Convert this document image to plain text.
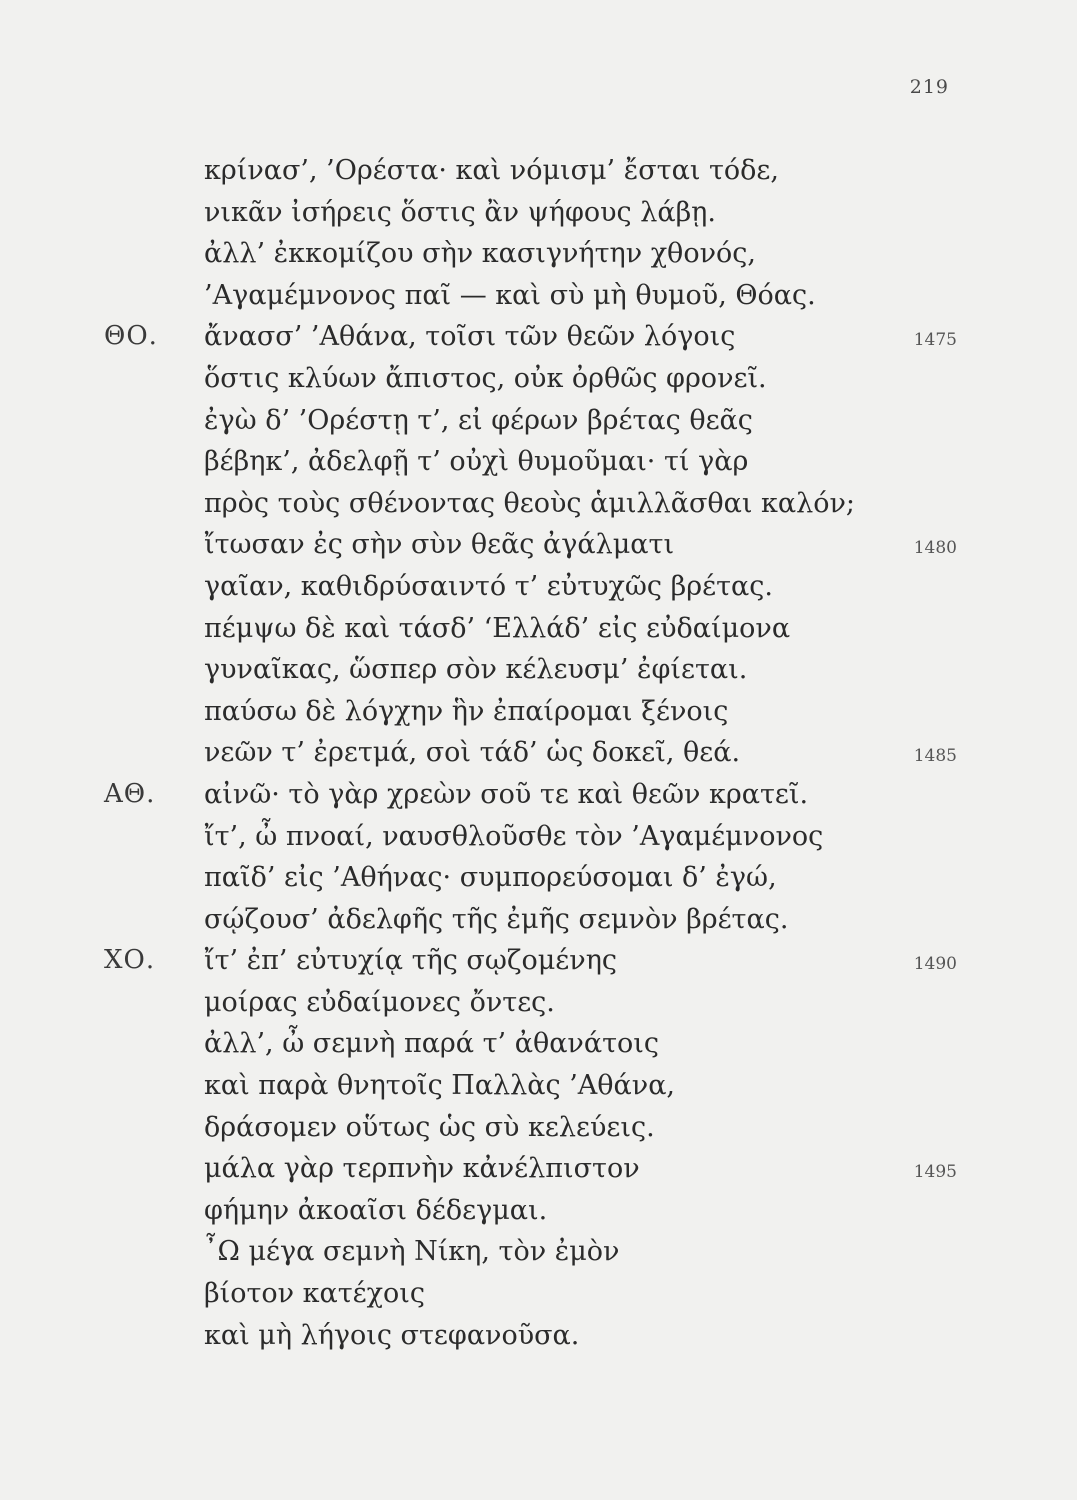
219
κρίνασ’, ’Ορέστα· καὶ νόμισμ’ ἔσται τόδε,
νικᾶν ἰσήρεις ὅστις ἂν ψήφους λάβῃ.
ἀλλ’ ἐκκομίζου σὴν κασιγνήτην χθονός,
’Αγαμέμνονος παῖ — καὶ σὺ μὴ θυμοῦ, Θόας.
ΘΟ. ἄνασσ’ ’Αθάνα, τοῖσι τῶν θεῶν λόγοις	1475
ὅστις κλύων ἄπιστος, οὐκ ὀρθῶς φρονεῖ.
ἐγὼ δ’ ’Ορέστῃ τ’, εἰ φέρων βρέτας θεᾶς
βέβηκ’, ἀδελφῇ τ’ οὐχὶ θυμοῦμαι· τί γὰρ
πρὸς τοὺς σθένοντας θεοὺς ἁμιλλᾶσθαι καλόν;
ἴτωσαν ἐς σὴν σὺν θεᾶς ἀγάλματι	1480
γαῖαν, καθιδρύσαιντό τ’ εὐτυχῶς βρέτας.
πέμψω δὲ καὶ τάσδ’ ‘Ελλάδ’ εἰς εὐδαίμονα
γυναῖκας, ὥσπερ σὸν κέλευσμ’ ἐφίεται.
παύσω δὲ λόγχην ἣν ἐπαίρομαι ξένοις
νεῶν τ’ ἐρετμά, σοὶ τάδ’ ὡς δοκεῖ, θεά.	1485
ΑΘ. αἰνῶ· τὸ γὰρ χρεὼν σοῦ τε καὶ θεῶν κρατεῖ.
ἴτ’, ὦ πνοαί, ναυσθλοῦσθε τὸν ’Αγαμέμνονος
παῖδ’ εἰς ’Αθήνας· συμπορεύσομαι δ’ ἐγώ,
σῴζουσ’ ἀδελφῆς τῆς ἐμῆς σεμνὸν βρέτας.
ΧΟ. ἴτ’ ἐπ’ εὐτυχίᾳ τῆς σῳζομένης	1490
μοίρας εὐδαίμονες ὄντες.
ἀλλ’, ὦ σεμνὴ παρά τ’ ἀθανάτοις
καὶ παρὰ θνητοῖς Παλλὰς ’Αθάνα,
δράσομεν οὕτως ὡς σὺ κελεύεις.
μάλα γὰρ τερπνὴν κἀνέλπιστον	1495
φήμην ἀκοαῖσι δέδεγμαι.
῏Ω μέγα σεμνὴ Νίκη, τὸν ἐμὸν
βίοτον κατέχοις
καὶ μὴ λήγοις στεφανοῦσα.
